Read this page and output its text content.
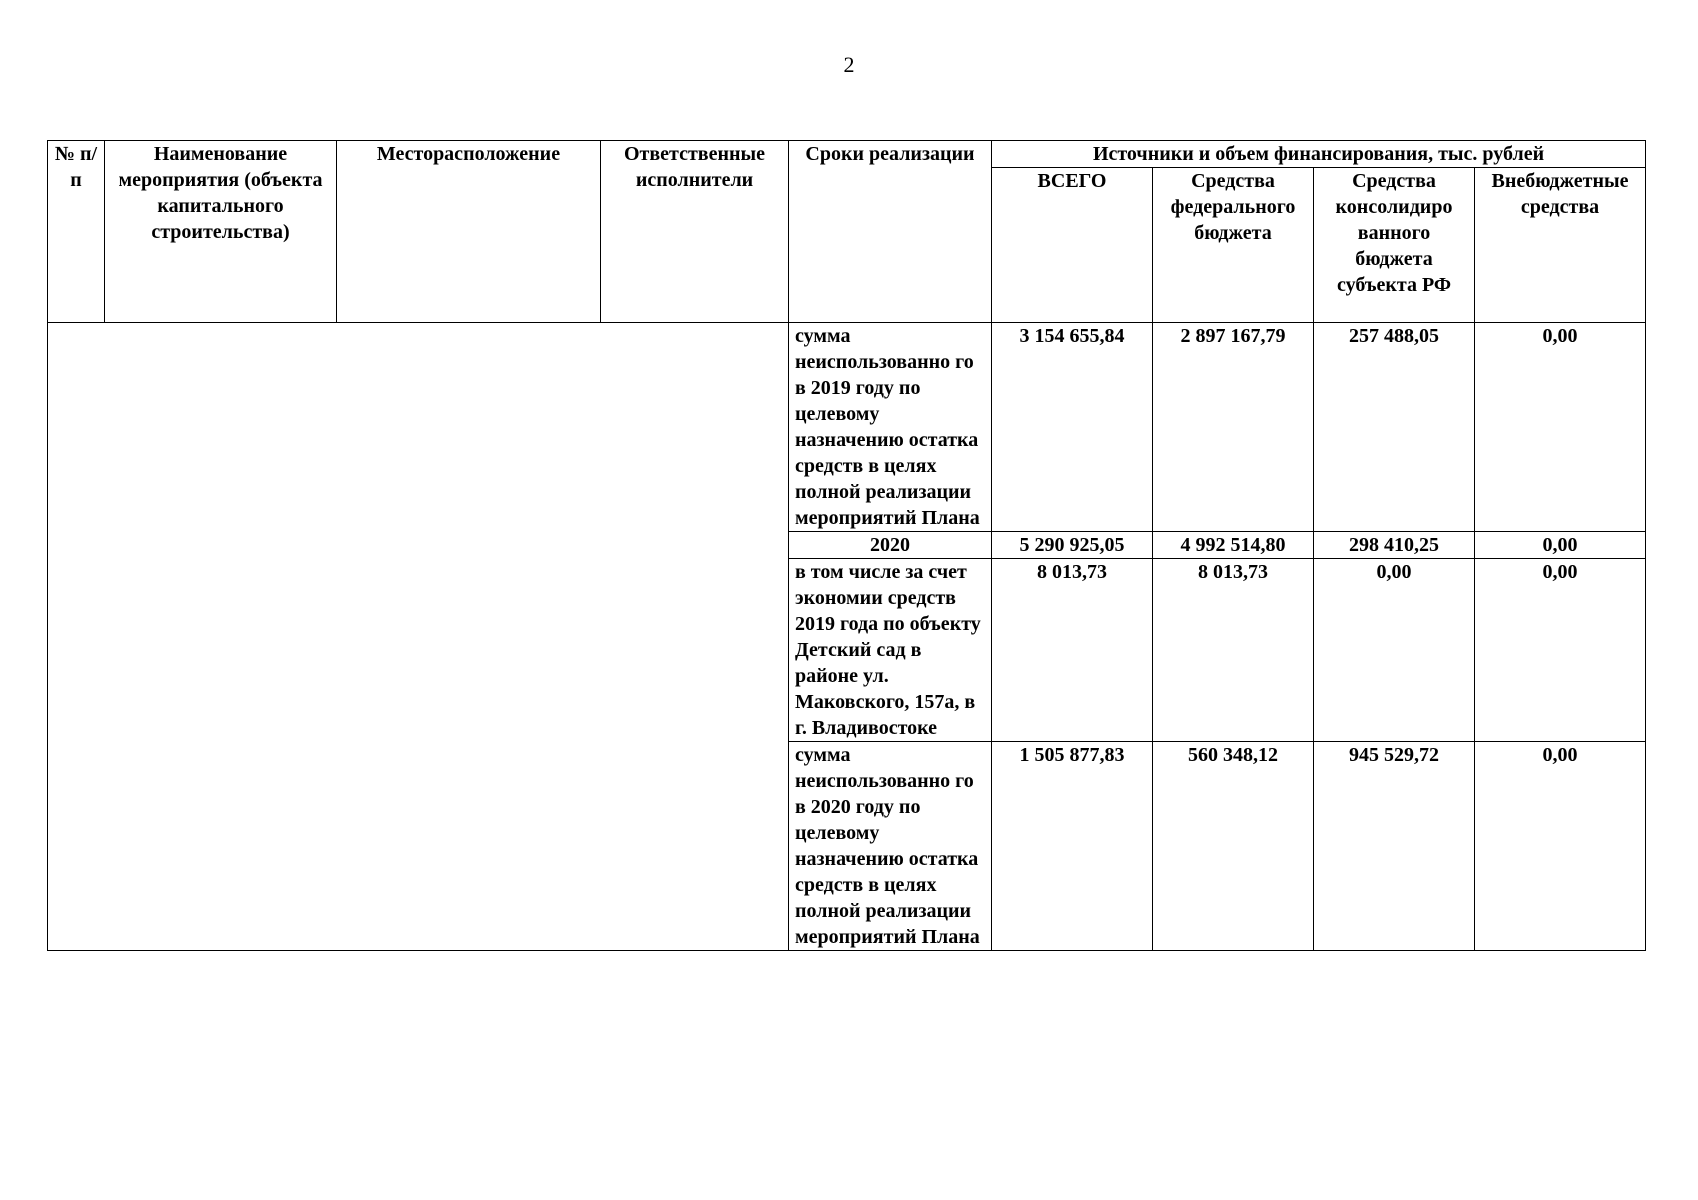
2
№ п/п	Наименование мероприятия (объекта капитального строительства)	Месторасположение	Ответственные исполнители	Сроки реализации	Источники и объем финансирования, тыс. рублей			
					ВСЕГО	Средства федерального бюджета	Средства консолидиро ванного бюджета субъекта РФ	Внебюджетные средства
				сумма неиспользованно го в 2019 году по целевому назначению остатка средств в целях полной реализации мероприятий Плана	3 154 655,84	2 897 167,79	257 488,05	0,00
				2020	5 290 925,05	4 992 514,80	298 410,25	0,00
				в том числе за счет экономии средств 2019 года по объекту Детский сад в районе ул. Маковского, 157а, в г. Владивостоке	8 013,73	8 013,73	0,00	0,00
				сумма неиспользованно го в 2020 году по целевому назначению остатка средств в целях полной реализации мероприятий Плана	1 505 877,83	560 348,12	945 529,72	0,00
